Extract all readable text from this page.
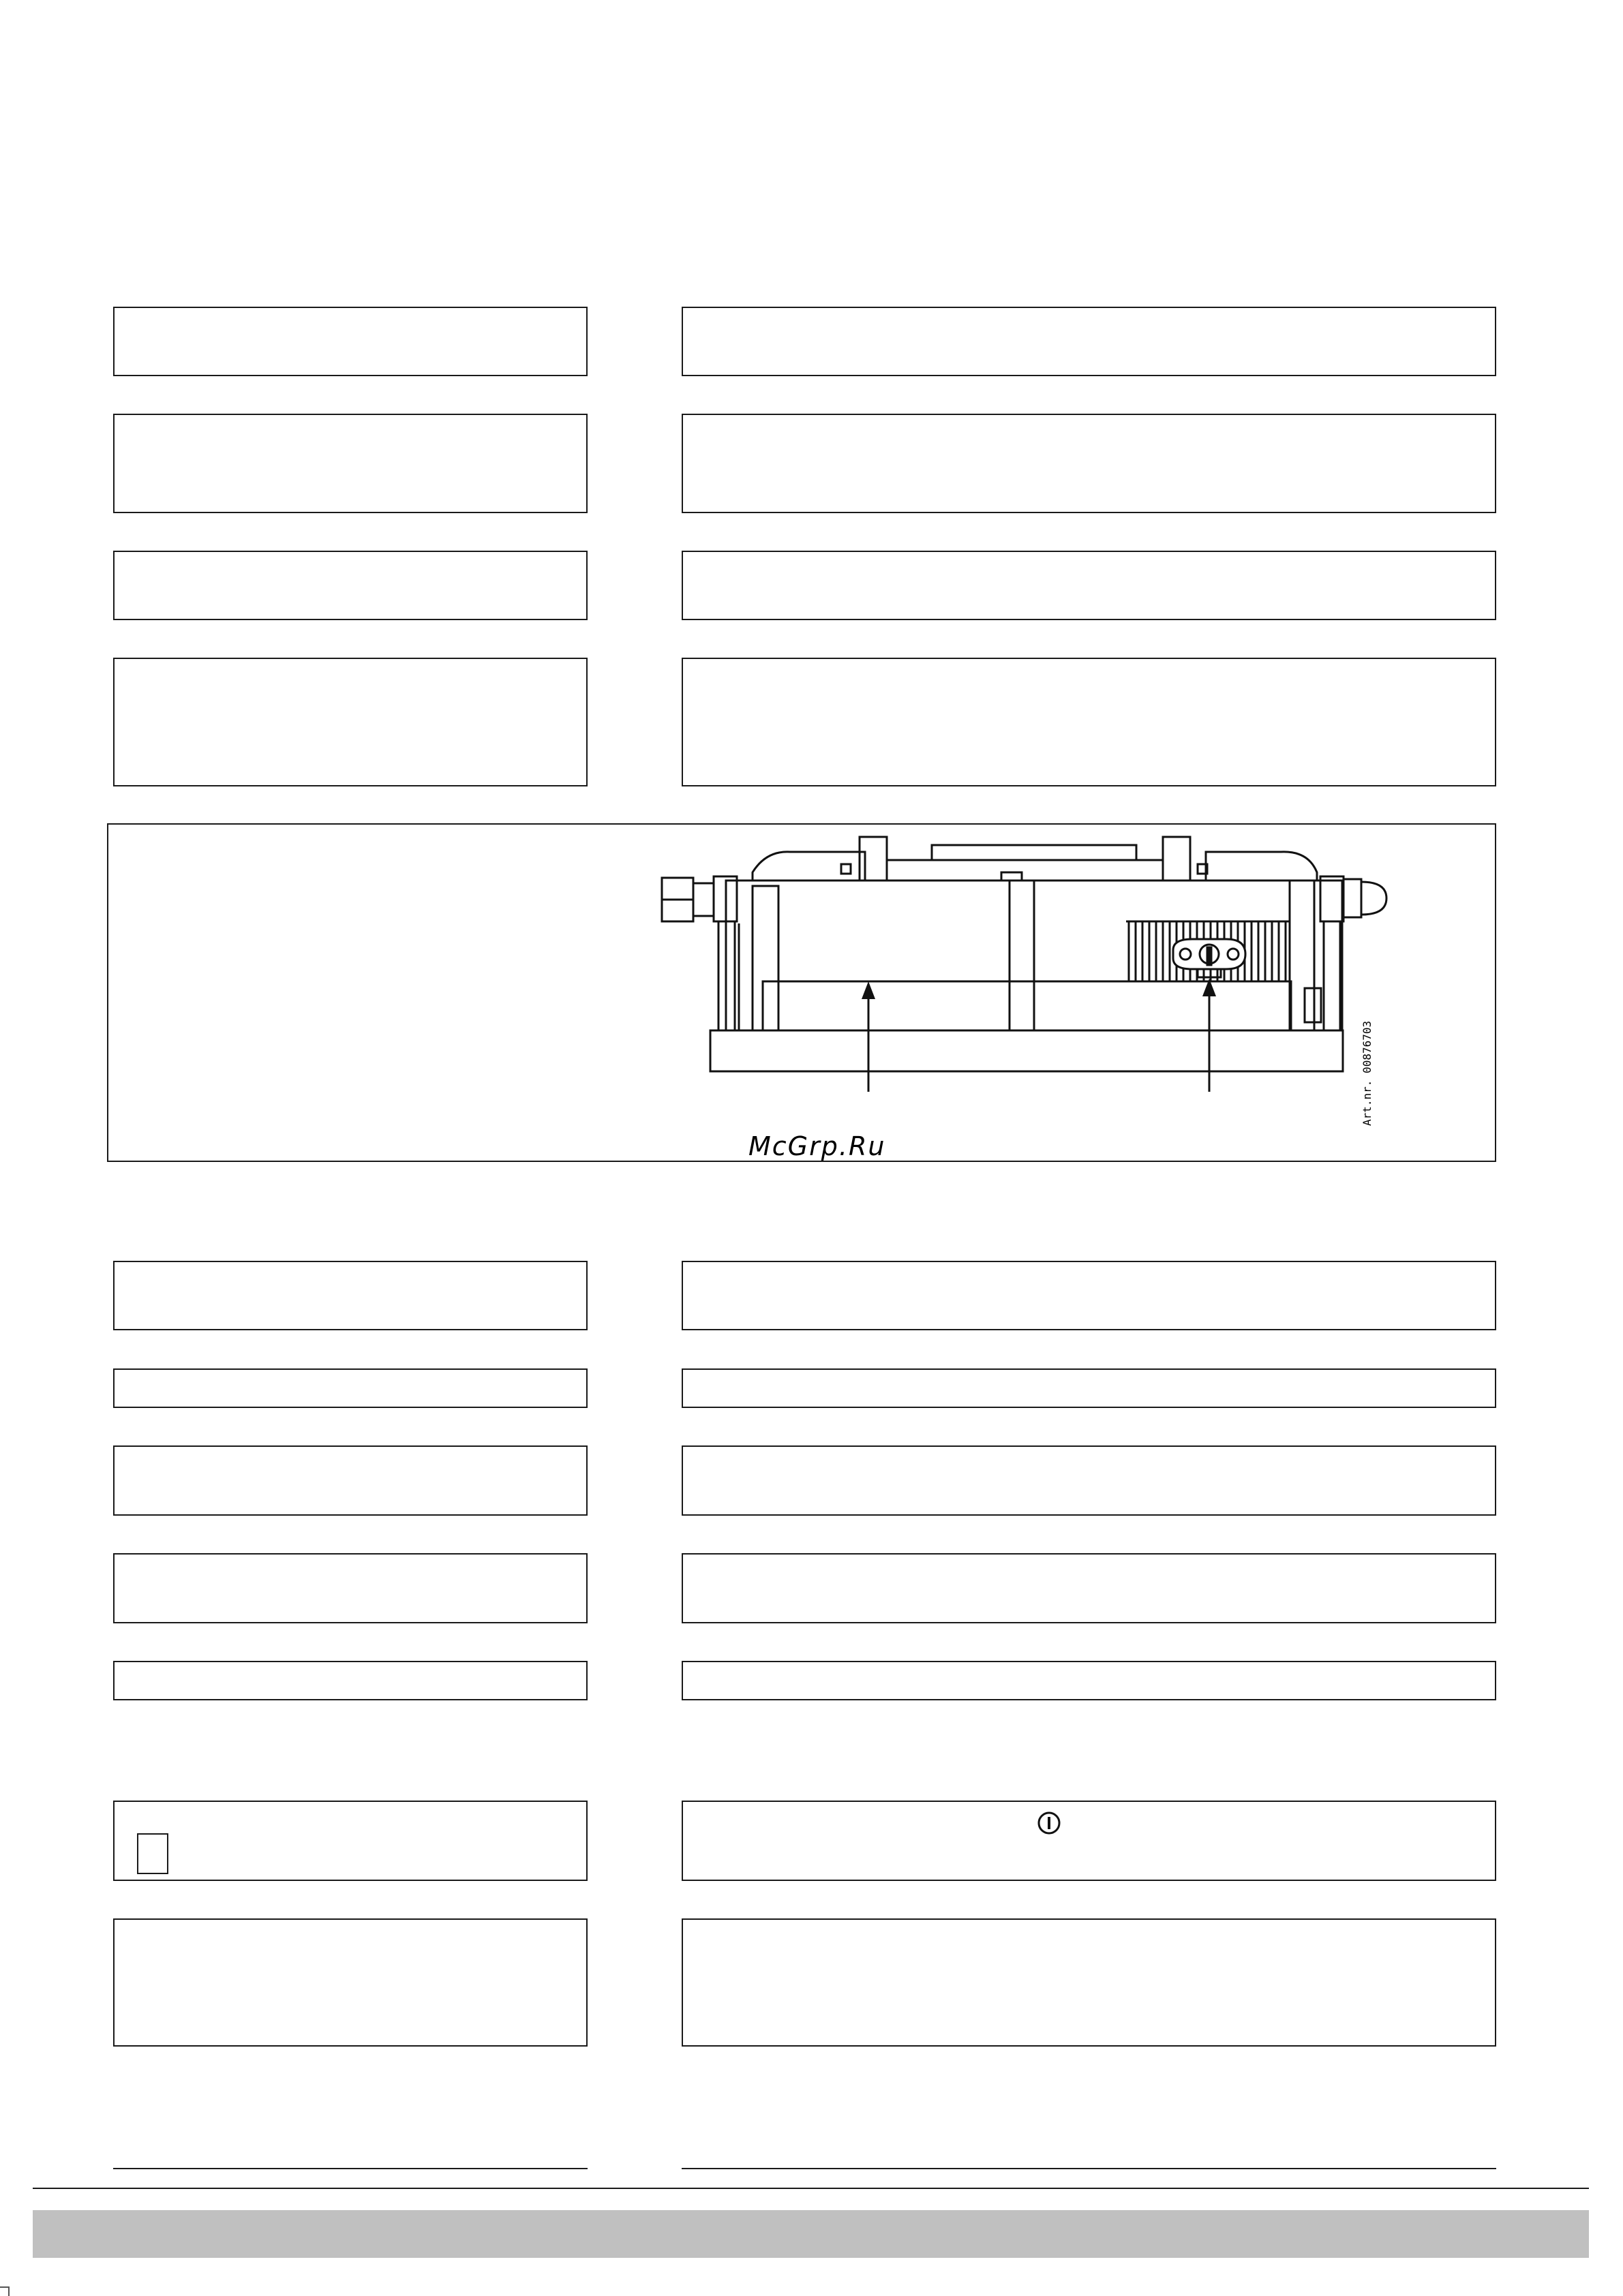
Art.nr. 00876703
McGrp.Ru
